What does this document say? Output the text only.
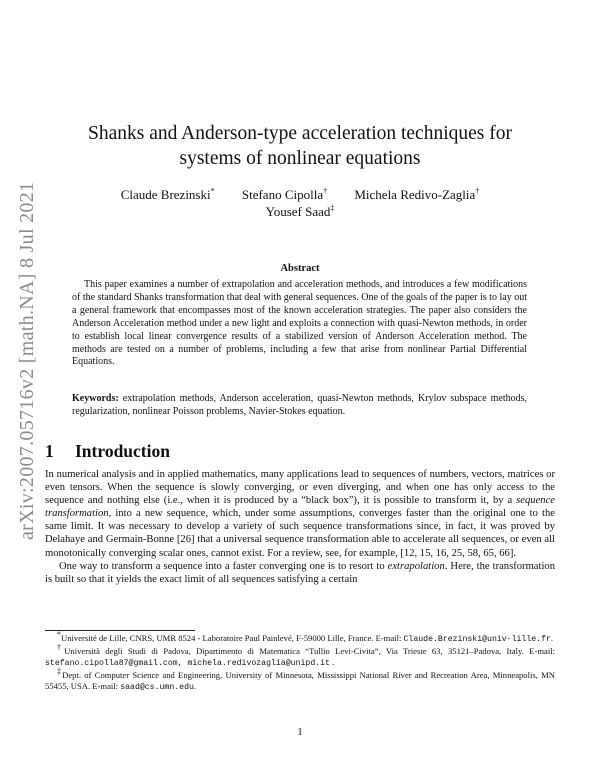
arXiv:2007.05716v2 [math.NA] 8 Jul 2021
Shanks and Anderson-type acceleration techniques for
systems of nonlinear equations
Claude Brezinski* Stefano Cipolla† Michela Redivo-Zaglia†
Yousef Saad‡
Abstract
This paper examines a number of extrapolation and acceleration methods, and introduces a few modifications of the standard Shanks transformation that deal with general sequences. One of the goals of the paper is to lay out a general framework that encompasses most of the known acceleration strategies. The paper also considers the Anderson Acceleration method under a new light and exploits a connection with quasi-Newton methods, in order to establish local linear convergence results of a stabilized version of Anderson Acceleration method. The methods are tested on a number of problems, including a few that arise from nonlinear Partial Differential Equations.
Keywords: extrapolation methods, Anderson acceleration, quasi-Newton methods, Krylov subspace methods, regularization, nonlinear Poisson problems, Navier-Stokes equation.
1 Introduction

In numerical analysis and in applied mathematics, many applications lead to sequences of numbers, vectors, matrices or even tensors. When the sequence is slowly converging, or even diverging, and when one has only access to the sequence and nothing else (i.e., when it is produced by a “black box”), it is possible to transform it, by a sequence transformation, into a new sequence, which, under some assumptions, converges faster than the original one to the same limit. It was necessary to develop a variety of such sequence transformations since, in fact, it was proved by Delahaye and Germain-Bonne [26] that a universal sequence transformation able to accelerate all sequences, or even all monotonically converging scalar ones, cannot exist. For a review, see, for example, [12, 15, 16, 25, 58, 65, 66].

One way to transform a sequence into a faster converging one is to resort to extrapolation. Here, the transformation is built so that it yields the exact limit of all sequences satisfying a certain

*Université de Lille, CNRS, UMR 8524 - Laboratoire Paul Painlevé, F-59000 Lille, France. E-mail: Claude.Brezinski@univ-lille.fr.

†Università degli Studi di Padova, Dipartimento di Matematica “Tullio Levi-Civita”, Via Trieste 63, 35121–Padova, Italy. E-mail: stefano.cipolla87@gmail.com, michela.redivozaglia@unipd.it .

‡Dept. of Computer Science and Engineering, University of Minnesota, Mississippi National River and Recreation Area, Minneapolis, MN 55455, USA. E-mail: saad@cs.umn.edu.

1
